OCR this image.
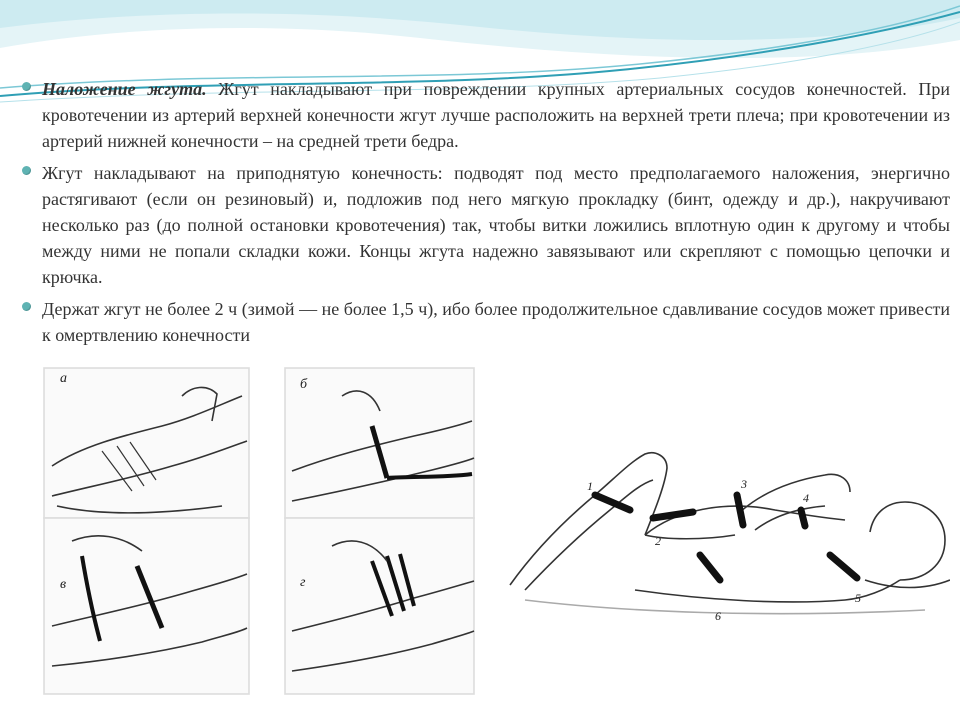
Наложение жгута. Жгут накладывают при повреждении крупных артериальных сосудов конечностей. При кровотечении из артерий верхней конечности жгут лучше расположить на верхней трети плеча; при кровотечении из артерий нижней конечности – на средней трети бедра.

Жгут накладывают на приподнятую конечность: подводят под место предполагаемого наложения, энергично растягивают (если он резиновый) и, подложив под него мягкую прокладку (бинт, одежду и др.), накручивают несколько раз (до полной остановки кровотечения) так, чтобы витки ложились вплотную один к другому и чтобы между ними не попали складки кожи. Концы жгута надежно завязывают или скрепляют с помощью цепочки и крючка.

Держат жгут не более 2 ч (зимой — не более 1,5 ч), ибо более продолжительное сдавливание сосудов может привести к омертвлению конечности

а	б
в	г
1
2
3
4
5
6
